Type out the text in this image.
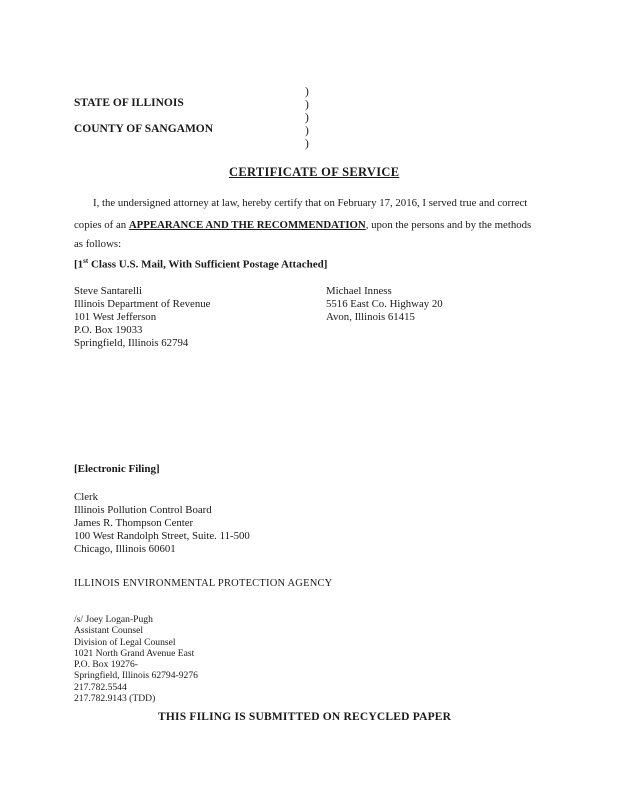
)
)
)
)
)
STATE OF ILLINOIS
COUNTY OF SANGAMON
CERTIFICATE OF SERVICE
I, the undersigned attorney at law, hereby certify that on February 17, 2016, I served true and correct
copies of an APPEARANCE AND THE RECOMMENDATION, upon the persons and by the methods
as follows:
[1st Class U.S. Mail, With Sufficient Postage Attached]
Steve Santarelli
Illinois Department of Revenue
101 West Jefferson
P.O. Box 19033
Springfield, Illinois 62794
Michael Inness
5516 East Co. Highway 20
Avon, Illinois 61415
[Electronic Filing]
Clerk
Illinois Pollution Control Board
James R. Thompson Center
100 West Randolph Street, Suite. 11-500
Chicago, Illinois 60601
ILLINOIS ENVIRONMENTAL PROTECTION AGENCY
/s/ Joey Logan-Pugh
Assistant Counsel
Division of Legal Counsel
1021 North Grand Avenue East
P.O. Box 19276-
Springfield, Illinois 62794-9276
217.782.5544
217.782.9143 (TDD)
THIS FILING IS SUBMITTED ON RECYCLED PAPER
